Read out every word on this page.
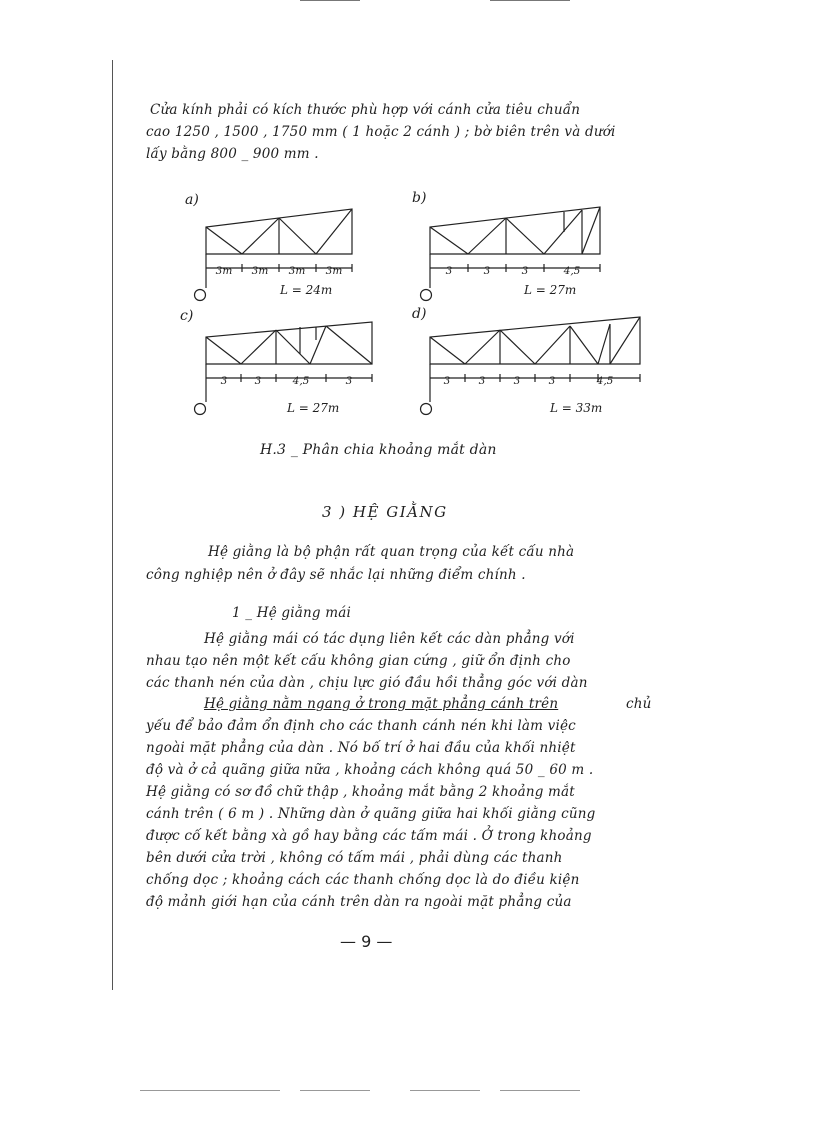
Cửa kính phải có kích thước phù hợp với cánh cửa tiêu chuẩn
cao 1250 , 1500 , 1750 mm ( 1 hoặc 2 cánh ) ; bờ biên trên và dưới
lấy bằng 800 _ 900 mm .
a)	b)
c)	d)
3m 3m 3m 3m	3	3	3	4,5
3	3	4,5	3	3	3	3	3	4,5
L = 24m	L = 27m
L = 27m	L = 33m
H.3 _ Phân chia khoảng mắt dàn
3 ) HỆ GIẰNG
Hệ giằng là bộ phận rất quan trọng của kết cấu nhà
công nghiệp nên ở đây sẽ nhắc lại những điểm chính .
1 _ Hệ giằng mái
Hệ giằng mái có tác dụng liên kết các dàn phẳng với
nhau tạo nên một kết cấu không gian cứng , giữ ổn định cho
các thanh nén của dàn , chịu lực gió đầu hồi thẳng góc với dàn
Hệ giằng nằm ngang ở trong mặt phẳng cánh trên	chủ
yếu để bảo đảm ổn định cho các thanh cánh nén khi làm việc
ngoài mặt phẳng của dàn . Nó bố trí ở hai đầu của khối nhiệt
độ và ở cả quãng giữa nữa , khoảng cách không quá 50 _ 60 m .
Hệ giằng có sơ đồ chữ thập , khoảng mắt bằng 2 khoảng mắt
cánh trên ( 6 m ) . Những dàn ở quãng giữa hai khối giằng cũng
được cố kết bằng xà gồ hay bằng các tấm mái . Ở trong khoảng
bên dưới cửa trời , không có tấm mái , phải dùng các thanh
chống dọc ; khoảng cách các thanh chống dọc là do điều kiện
độ mảnh giới hạn của cánh trên dàn ra ngoài mặt phẳng của
— 9 —
